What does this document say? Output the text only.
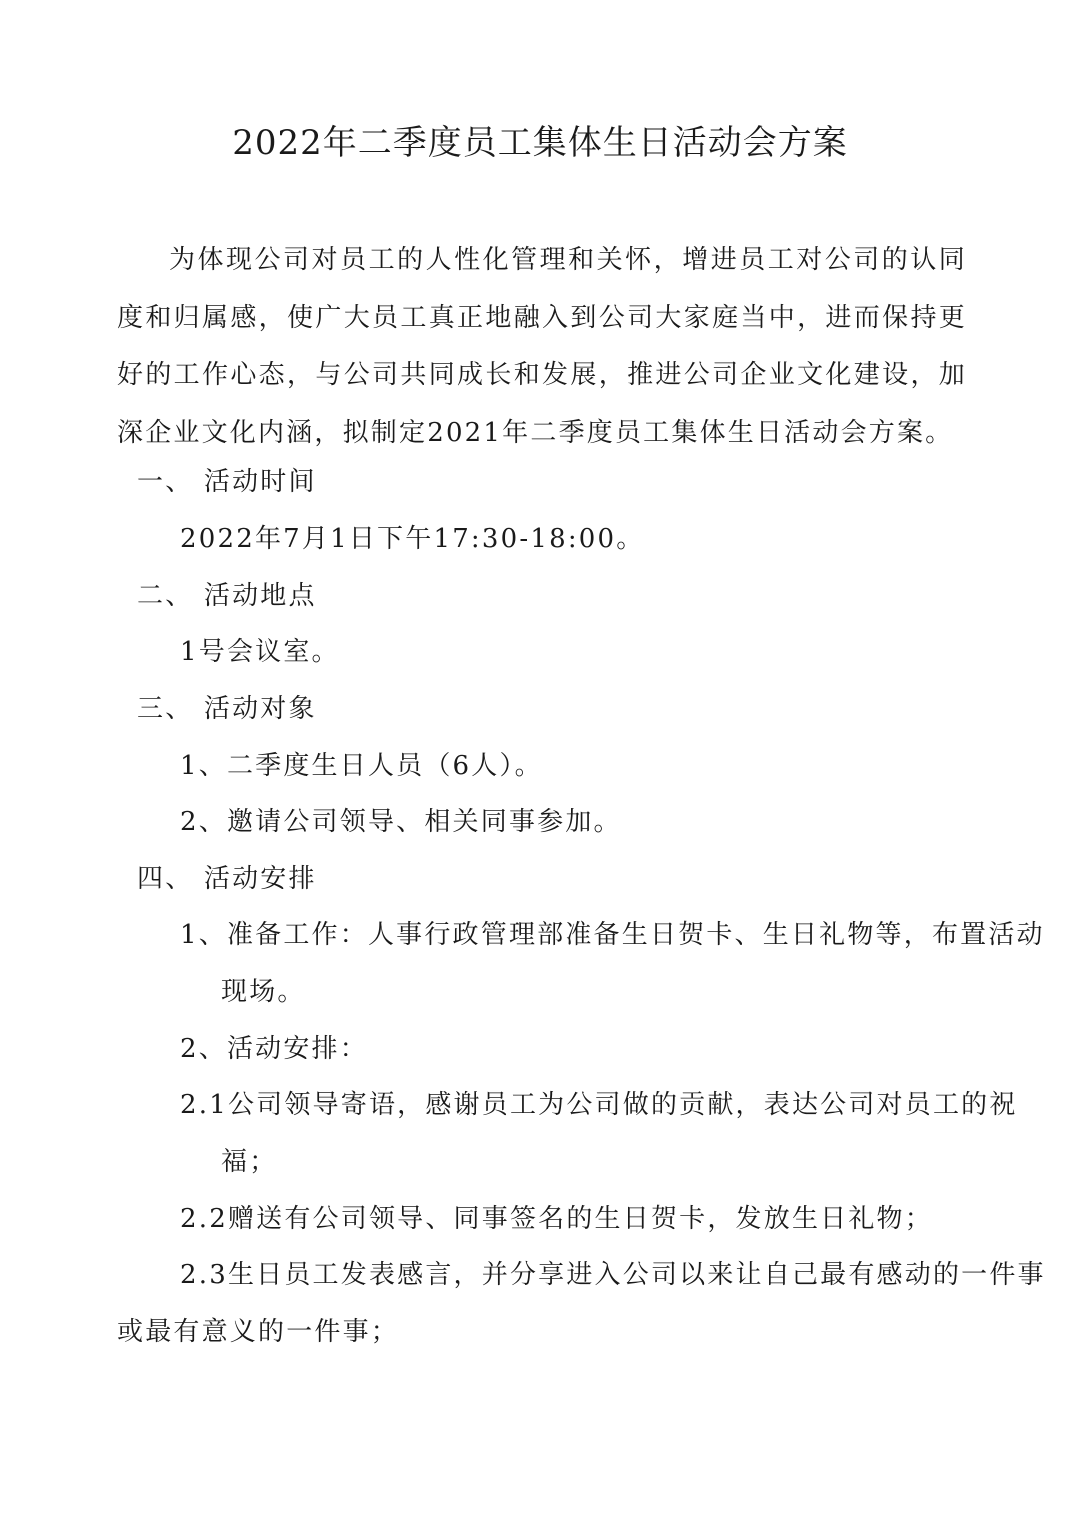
2022年二季度员工集体生日活动会方案
为体现公司对员工的人性化管理和关怀，增进员工对公司的认同度和归属感，使广大员工真正地融入到公司大家庭当中，进而保持更好的工作心态，与公司共同成长和发展，推进公司企业文化建设，加深企业文化内涵，拟制定2021年二季度员工集体生日活动会方案。
一、 活动时间
2022年7月1日下午17:30-18:00。
二、 活动地点
1号会议室。
三、 活动对象
1、二季度生日人员（6人）。
2、邀请公司领导、相关同事参加。
四、 活动安排
1、准备工作：人事行政管理部准备生日贺卡、生日礼物等，布置活动
现场。
2、活动安排：
2.1公司领导寄语，感谢员工为公司做的贡献，表达公司对员工的祝
福；
2.2赠送有公司领导、同事签名的生日贺卡，发放生日礼物；
2.3生日员工发表感言，并分享进入公司以来让自己最有感动的一件事
或最有意义的一件事；
